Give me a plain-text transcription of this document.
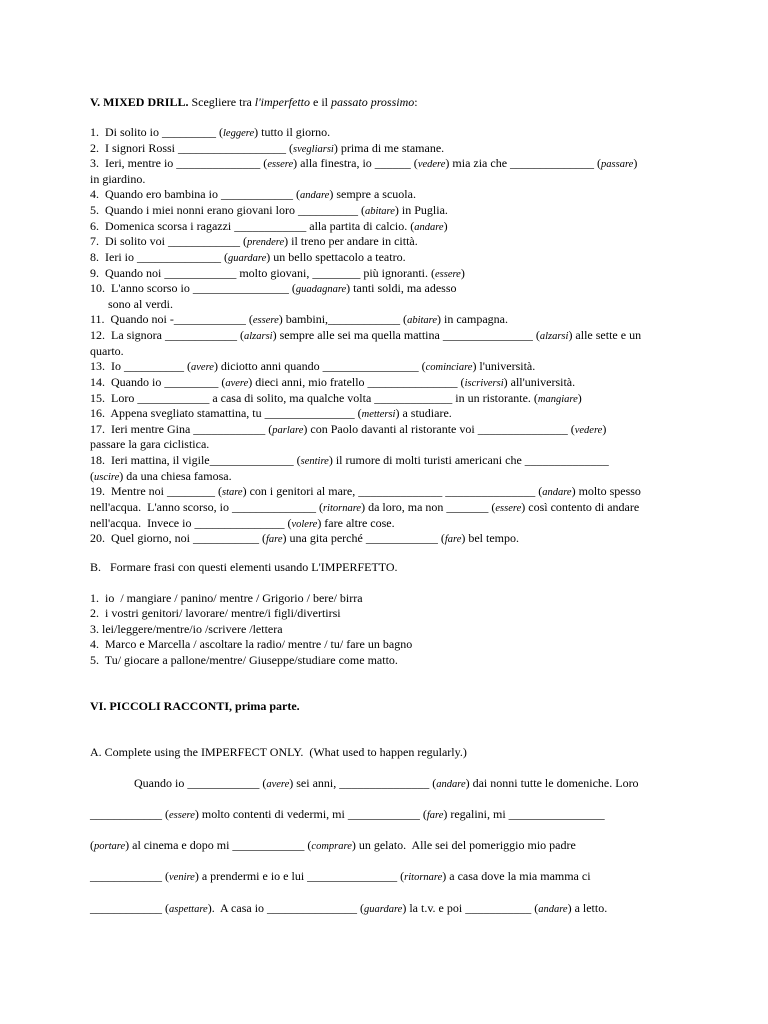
V. MIXED DRILL. Scegliere tra l'imperfetto e il passato prossimo:
1.  Di solito io _________ (leggere) tutto il giorno.
2.  I signori Rossi __________________ (svegliarsi) prima di me stamane.
3.  Ieri, mentre io ______________ (essere) alla finestra, io ______ (vedere) mia zia che ______________ (passare)
in giardino.
4.  Quando ero bambina io ____________ (andare) sempre a scuola.
5.  Quando i miei nonni erano giovani loro __________ (abitare) in Puglia.
6.  Domenica scorsa i ragazzi ____________ alla partita di calcio. (andare)
7.  Di solito voi ____________ (prendere) il treno per andare in città.
8.  Ieri io ______________ (guardare) un bello spettacolo a teatro.
9.  Quando noi ____________ molto giovani, ________ più ignoranti. (essere)
10.  L'anno scorso io ________________ (guadagnare) tanti soldi, ma adesso
sono al verdi.
11.  Quando noi -____________ (essere) bambini,____________ (abitare) in campagna.
12.  La signora ____________ (alzarsi) sempre alle sei ma quella mattina _______________ (alzarsi) alle sette e un
quarto.
13.  Io __________ (avere) diciotto anni quando ________________ (cominciare) l'università.
14.  Quando io _________ (avere) dieci anni, mio fratello _______________ (iscriversi) all'università.
15.  Loro ____________ a casa di solito, ma qualche volta _____________ in un ristorante. (mangiare)
16.  Appena svegliato stamattina, tu _______________ (mettersi) a studiare.
17.  Ieri mentre Gina ____________ (parlare) con Paolo davanti al ristorante voi _______________ (vedere)
passare la gara ciclistica.
18.  Ieri mattina, il vigile______________ (sentire) il rumore di molti turisti americani che ______________
(uscire) da una chiesa famosa.
19.  Mentre noi ________ (stare) con i genitori al mare, ______________ _______________ (andare) molto spesso
nell'acqua.  L'anno scorso, io ______________ (ritornare) da loro, ma non _______ (essere) così contento di andare
nell'acqua.  Invece io _______________ (volere) fare altre cose.
20.  Quel giorno, noi ___________ (fare) una gita perché ____________ (fare) bel tempo.
B.   Formare frasi con questi elementi usando L'IMPERFETTO.
1.  io  / mangiare / panino/ mentre / Grigorio / bere/ birra
2.  i vostri genitori/ lavorare/ mentre/i figli/divertirsi
3. lei/leggere/mentre/io /scrivere /lettera
4.  Marco e Marcella / ascoltare la radio/ mentre / tu/ fare un bagno
5.  Tu/ giocare a pallone/mentre/ Giuseppe/studiare come matto.
VI. PICCOLI RACCONTI, prima parte.
A. Complete using the IMPERFECT ONLY.  (What used to happen regularly.)
Quando io ____________ (avere) sei anni, _______________ (andare) dai nonni tutte le domeniche. Loro
____________ (essere) molto contenti di vedermi, mi ____________ (fare) regalini, mi ________________
(portare) al cinema e dopo mi ____________ (comprare) un gelato.  Alle sei del pomeriggio mio padre
____________ (venire) a prendermi e io e lui _______________ (ritornare) a casa dove la mia mamma ci
____________ (aspettare).  A casa io _______________ (guardare) la t.v. e poi ___________ (andare) a letto.
